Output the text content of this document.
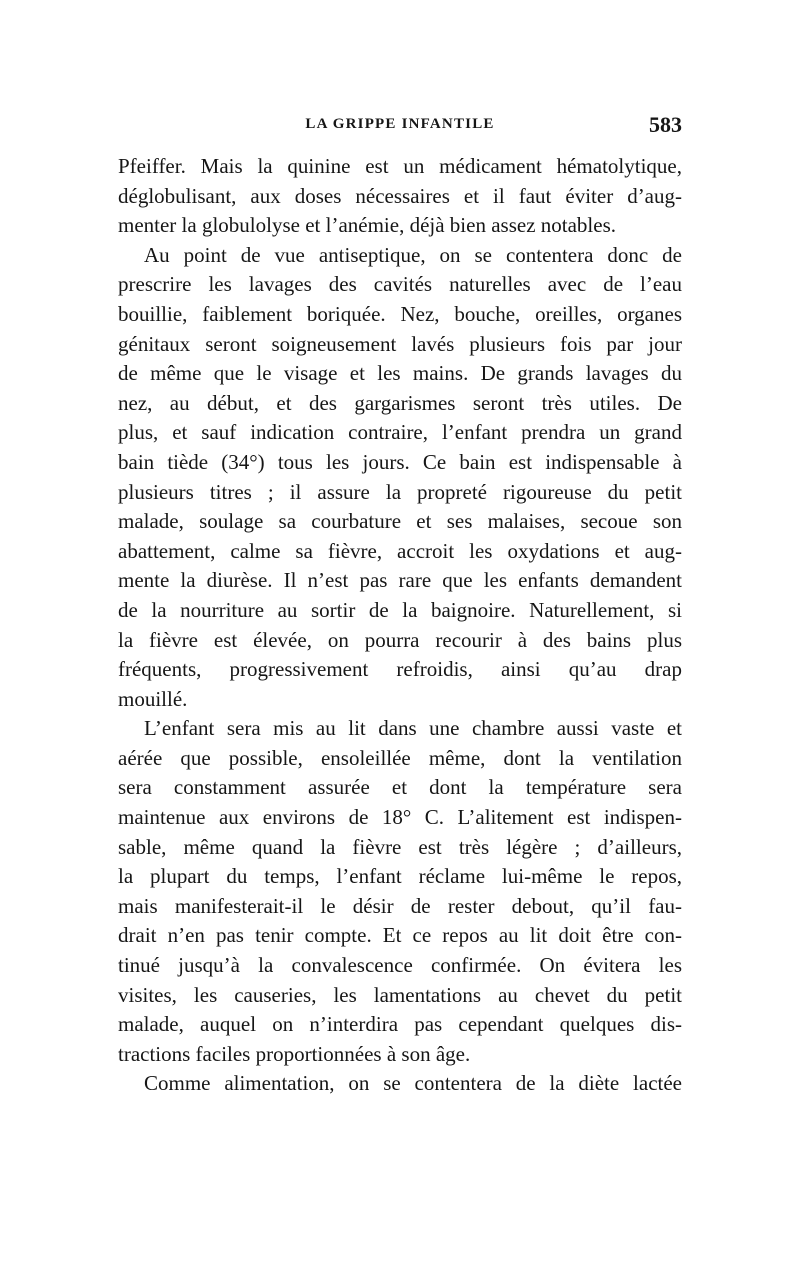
LA GRIPPE INFANTILE	583
Pfeiffer. Mais la quinine est un médicament hématolytique,
déglobulisant, aux doses nécessaires et il faut éviter d’aug-
menter la globulolyse et l’anémie, déjà bien assez notables.
Au point de vue antiseptique, on se contentera donc de
prescrire les lavages des cavités naturelles avec de l’eau
bouillie, faiblement boriquée. Nez, bouche, oreilles, organes
génitaux seront soigneusement lavés plusieurs fois par jour
de même que le visage et les mains. De grands lavages du
nez, au début, et des gargarismes seront très utiles. De
plus, et sauf indication contraire, l’enfant prendra un grand
bain tiède (34°) tous les jours. Ce bain est indispensable à
plusieurs titres ; il assure la propreté rigoureuse du petit
malade, soulage sa courbature et ses malaises, secoue son
abattement, calme sa fièvre, accroit les oxydations et aug-
mente la diurèse. Il n’est pas rare que les enfants demandent
de la nourriture au sortir de la baignoire. Naturellement, si
la fièvre est élevée, on pourra recourir à des bains plus
fréquents, progressivement refroidis, ainsi qu’au drap
mouillé.
L’enfant sera mis au lit dans une chambre aussi vaste et
aérée que possible, ensoleillée même, dont la ventilation
sera constamment assurée et dont la température sera
maintenue aux environs de 18° C. L’alitement est indispen-
sable, même quand la fièvre est très légère ; d’ailleurs,
la plupart du temps, l’enfant réclame lui-même le repos,
mais manifesterait-il le désir de rester debout, qu’il fau-
drait n’en pas tenir compte. Et ce repos au lit doit être con-
tinué jusqu’à la convalescence confirmée. On évitera les
visites, les causeries, les lamentations au chevet du petit
malade, auquel on n’interdira pas cependant quelques dis-
tractions faciles proportionnées à son âge.
Comme alimentation, on se contentera de la diète lactée
